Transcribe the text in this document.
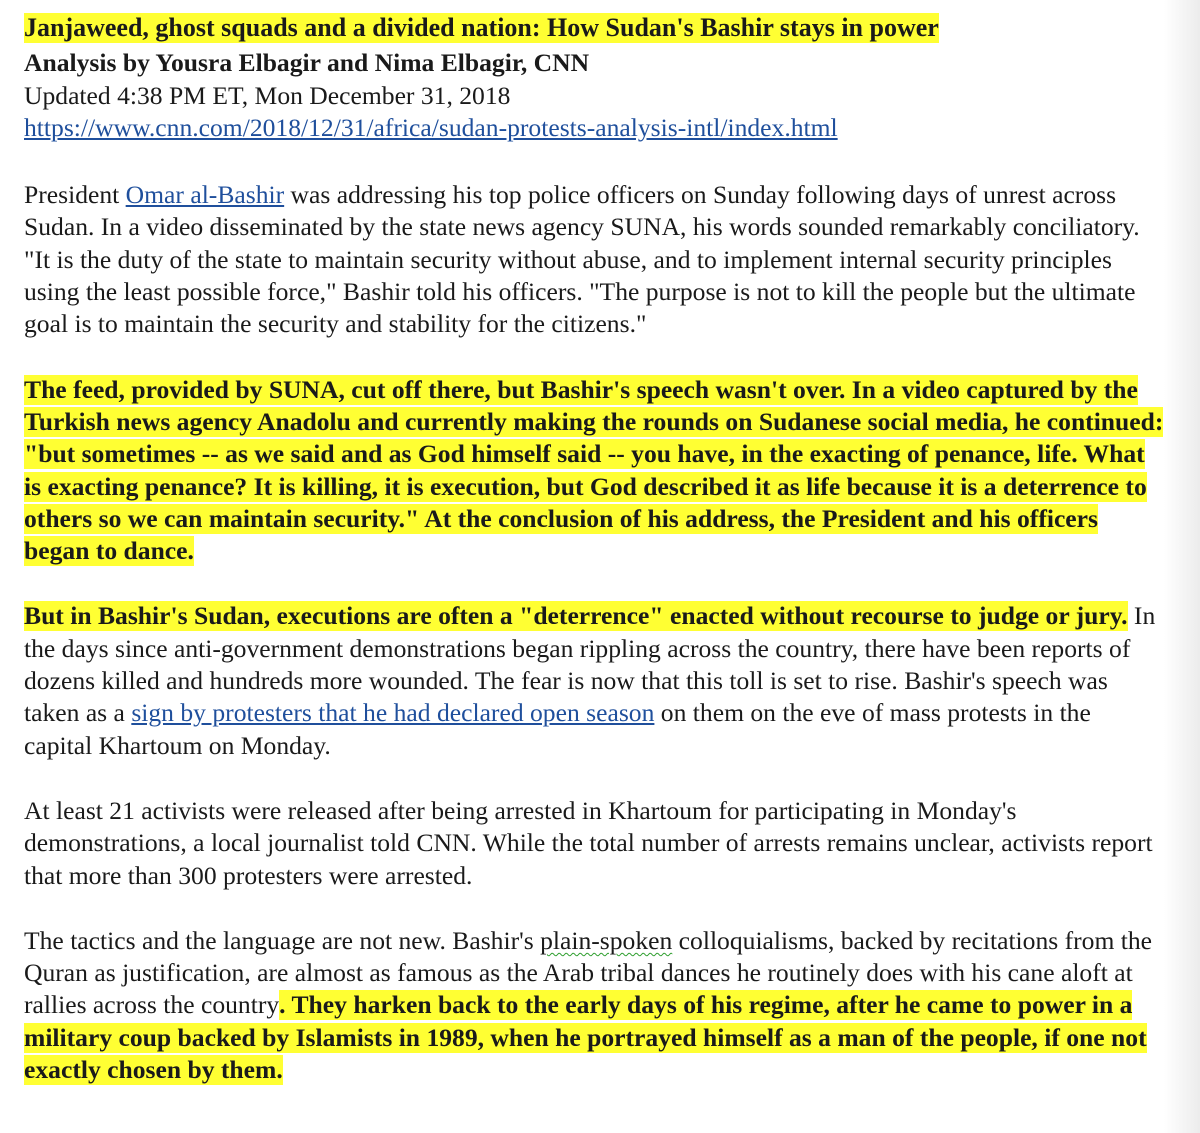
Janjaweed, ghost squads and a divided nation: How Sudan's Bashir stays in power

Analysis by Yousra Elbagir and Nima Elbagir, CNN

Updated 4:38 PM ET, Mon December 31, 2018

https://www.cnn.com/2018/12/31/africa/sudan-protests-analysis-intl/index.html

President Omar al-Bashir was addressing his top police officers on Sunday following days of unrest across Sudan. In a video disseminated by the state news agency SUNA, his words sounded remarkably conciliatory. "It is the duty of the state to maintain security without abuse, and to implement internal security principles using the least possible force," Bashir told his officers. "The purpose is not to kill the people but the ultimate goal is to maintain the security and stability for the citizens."

The feed, provided by SUNA, cut off there, but Bashir's speech wasn't over. In a video captured by the Turkish news agency Anadolu and currently making the rounds on Sudanese social media, he continued: "but sometimes -- as we said and as God himself said -- you have, in the exacting of penance, life. What is exacting penance? It is killing, it is execution, but God described it as life because it is a deterrence to others so we can maintain security." At the conclusion of his address, the President and his officers began to dance.

But in Bashir's Sudan, executions are often a "deterrence" enacted without recourse to judge or jury. In the days since anti-government demonstrations began rippling across the country, there have been reports of dozens killed and hundreds more wounded. The fear is now that this toll is set to rise. Bashir's speech was taken as a sign by protesters that he had declared open season on them on the eve of mass protests in the capital Khartoum on Monday.

At least 21 activists were released after being arrested in Khartoum for participating in Monday's demonstrations, a local journalist told CNN. While the total number of arrests remains unclear, activists report that more than 300 protesters were arrested.

The tactics and the language are not new. Bashir's plain-spoken colloquialisms, backed by recitations from the Quran as justification, are almost as famous as the Arab tribal dances he routinely does with his cane aloft at rallies across the country. They harken back to the early days of his regime, after he came to power in a military coup backed by Islamists in 1989, when he portrayed himself as a man of the people, if one not exactly chosen by them.
